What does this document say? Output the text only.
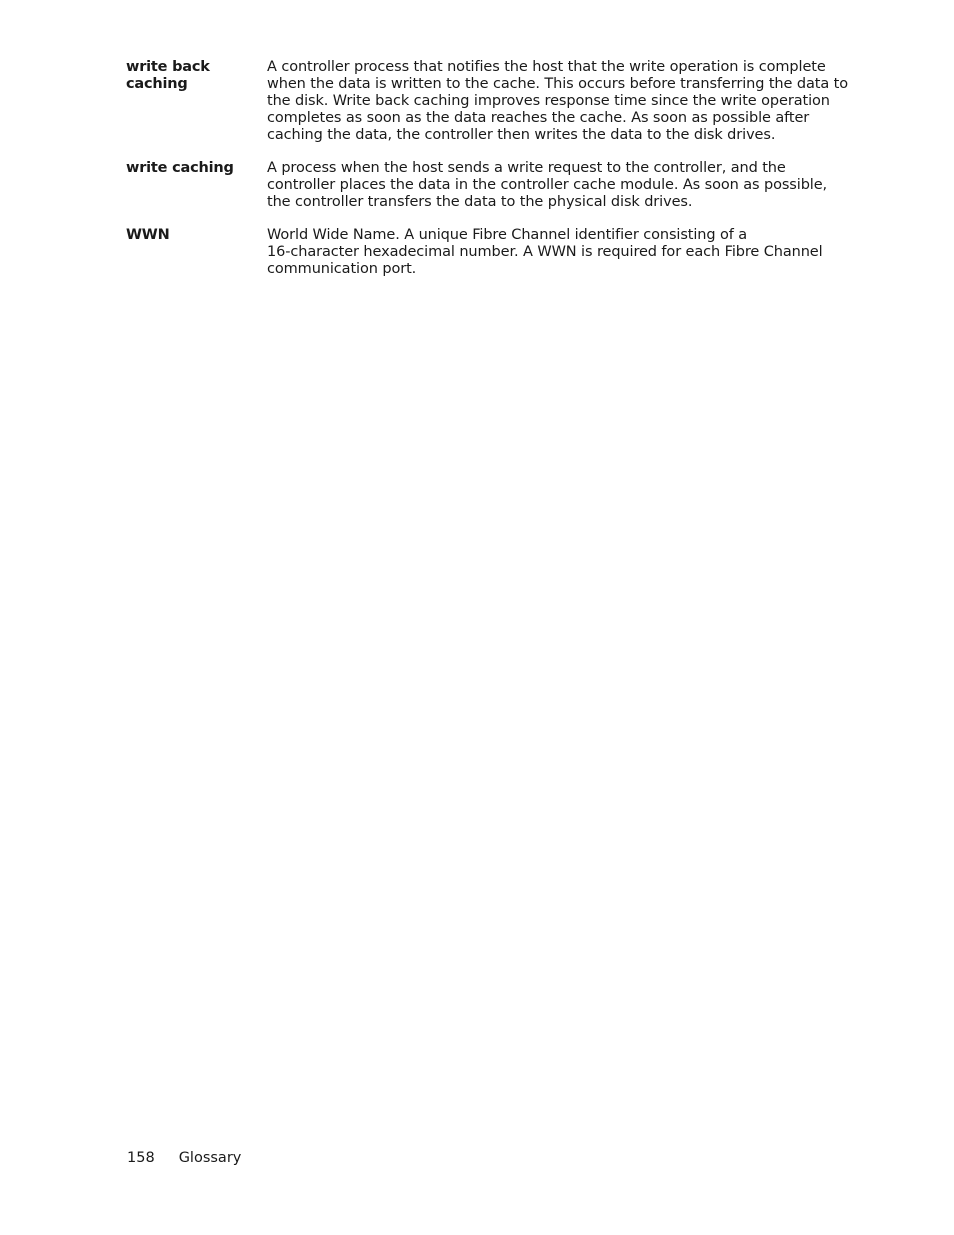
write back
caching
A controller process that notifies the host that the write operation is complete
when the data is written to the cache. This occurs before transferring the data to
the disk. Write back caching improves response time since the write operation
completes as soon as the data reaches the cache. As soon as possible after
caching the data, the controller then writes the data to the disk drives.
write caching	A process when the host sends a write request to the controller, and the
controller places the data in the controller cache module. As soon as possible,
the controller transfers the data to the physical disk drives.
WWN	World Wide Name. A unique Fibre Channel identifier consisting of a
16-character hexadecimal number. A WWN is required for each Fibre Channel
communication port.
158 Glossary
